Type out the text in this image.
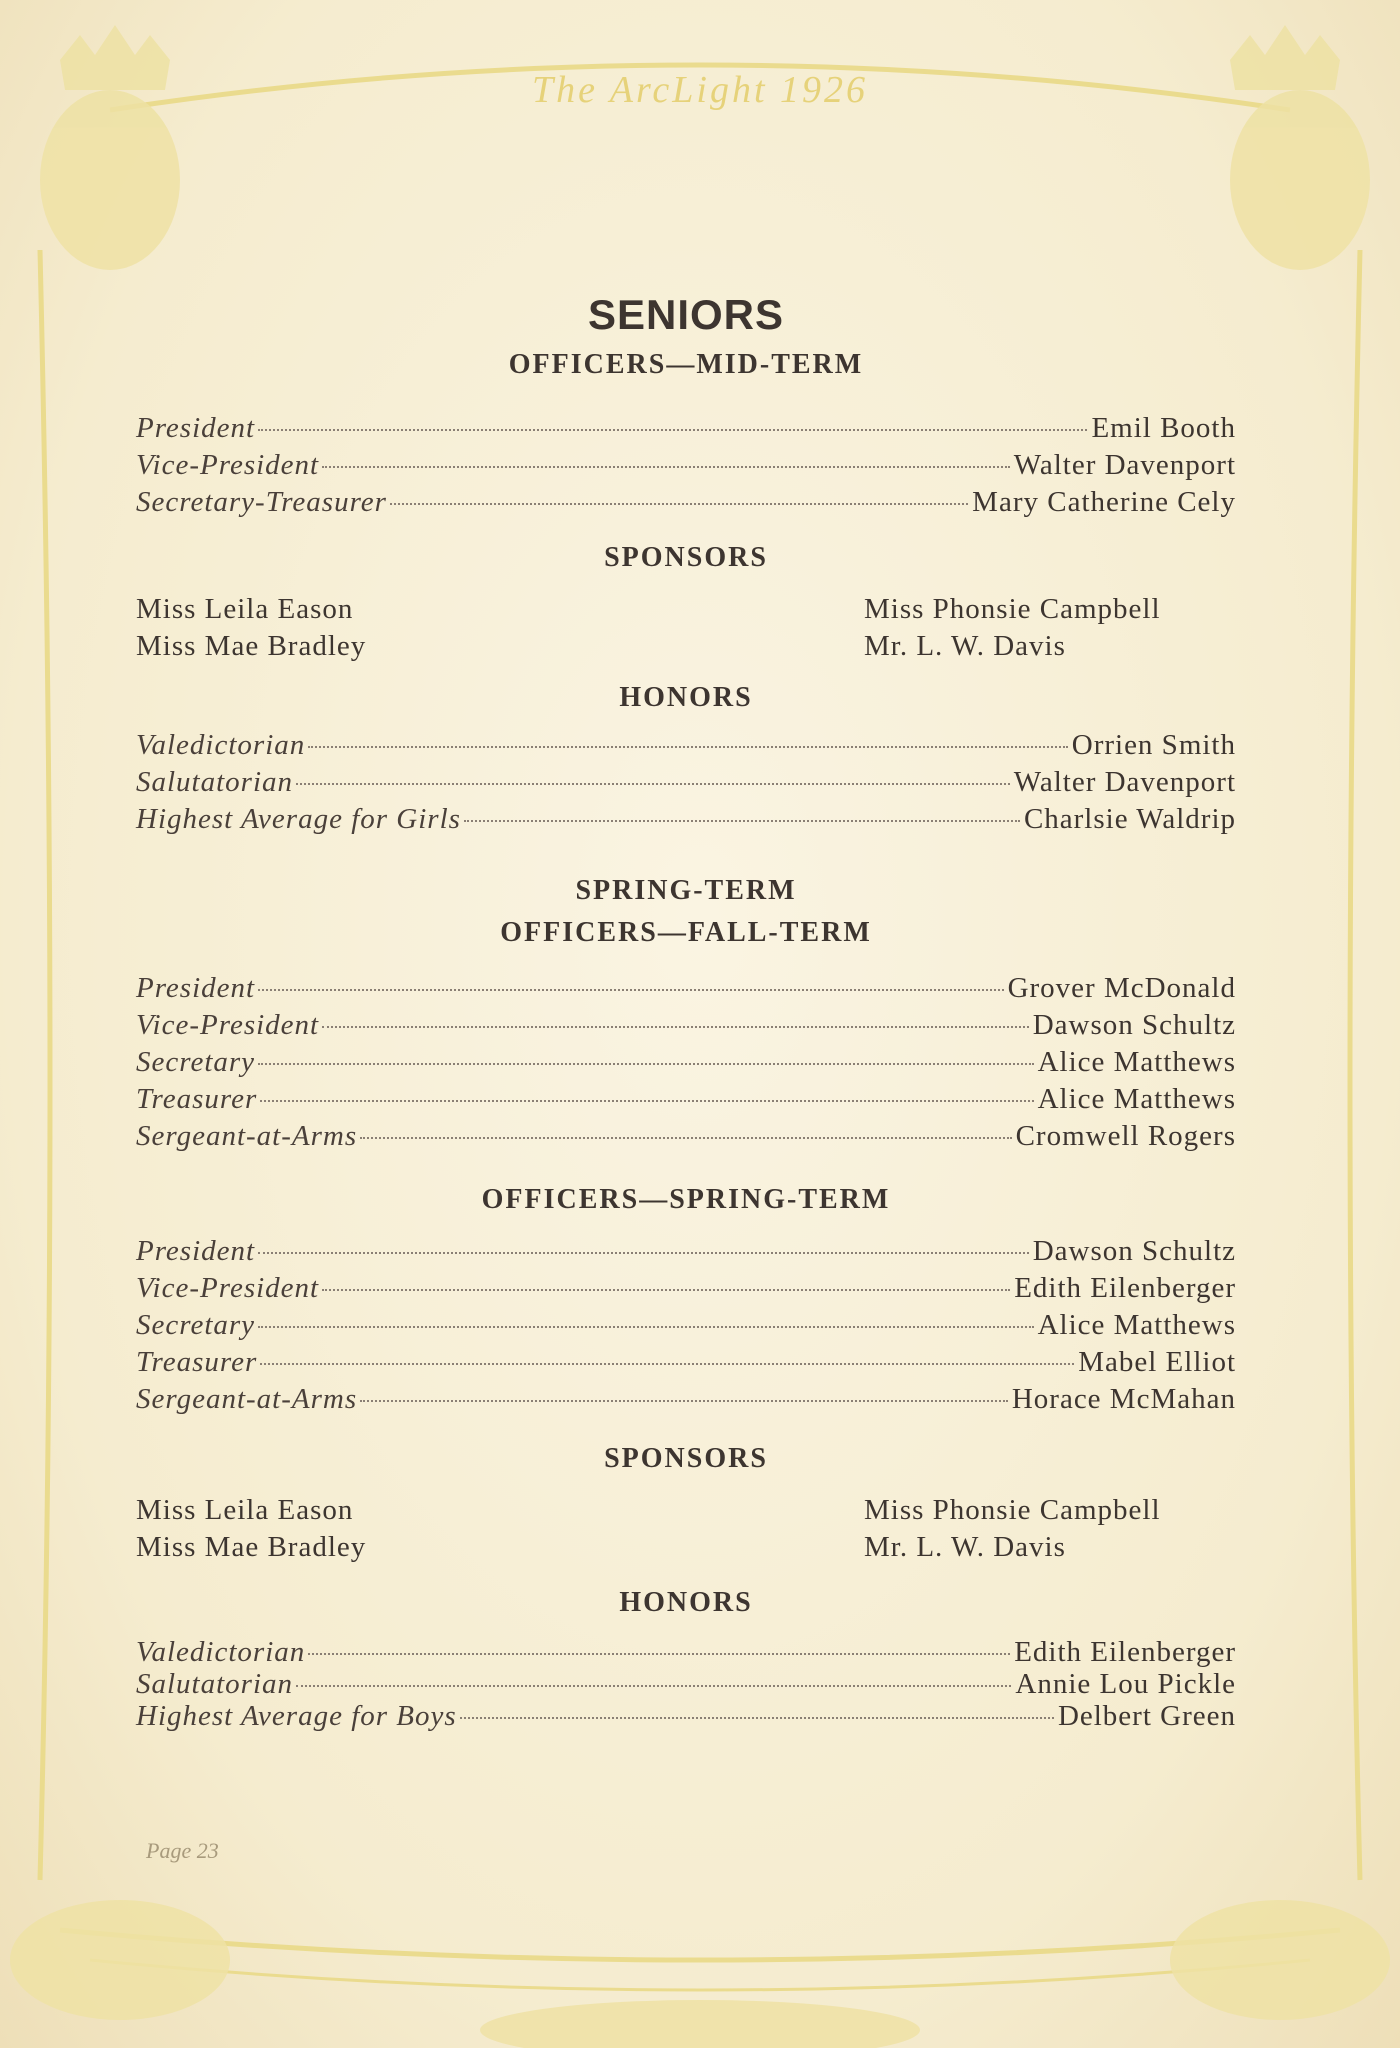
The ArcLight 1926
SENIORS
OFFICERS—MID-TERM
President	Emil Booth
Vice-President	Walter Davenport
Secretary-Treasurer	Mary Catherine Cely
SPONSORS
Miss Leila Eason	Miss Phonsie Campbell
Miss Mae Bradley	Mr. L. W. Davis
HONORS
Valedictorian	Orrien Smith
Salutatorian	Walter Davenport
Highest Average for Girls	Charlsie Waldrip
SPRING-TERM
OFFICERS—FALL-TERM
President	Grover McDonald
Vice-President	Dawson Schultz
Secretary	Alice Matthews
Treasurer	Alice Matthews
Sergeant-at-Arms	Cromwell Rogers
OFFICERS—SPRING-TERM
President	Dawson Schultz
Vice-President	Edith Eilenberger
Secretary	Alice Matthews
Treasurer	Mabel Elliot
Sergeant-at-Arms	Horace McMahan
SPONSORS
Miss Leila Eason	Miss Phonsie Campbell
Miss Mae Bradley	Mr. L. W. Davis
HONORS
Valedictorian	Edith Eilenberger
Salutatorian	Annie Lou Pickle
Highest Average for Boys	Delbert Green
Page 23
